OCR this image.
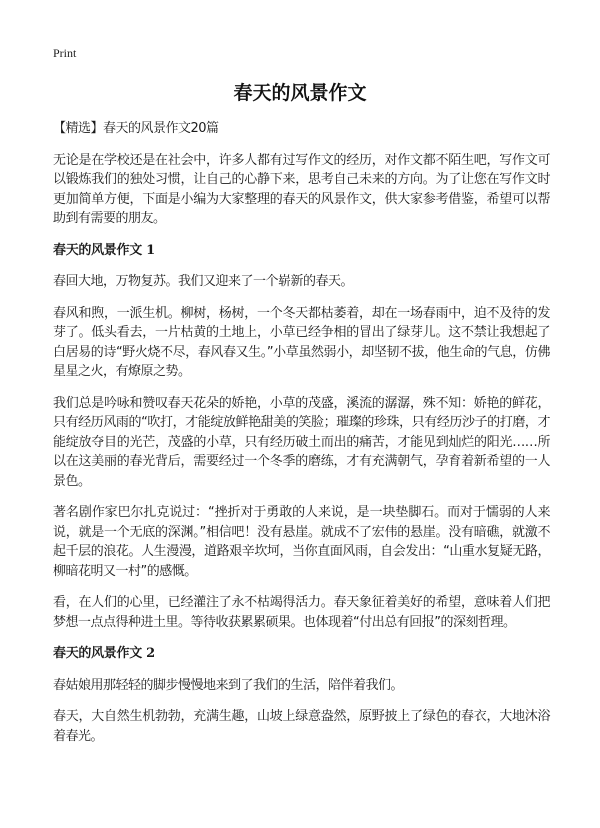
Print
春天的风景作文

【精选】春天的风景作文20篇

无论是在学校还是在社会中，许多人都有过写作文的经历，对作文都不陌生吧，写作文可以锻炼我们的独处习惯，让自己的心静下来，思考自己未来的方向。为了让您在写作文时更加简单方便，下面是小编为大家整理的春天的风景作文，供大家参考借鉴，希望可以帮助到有需要的朋友。

春天的风景作文 1

春回大地，万物复苏。我们又迎来了一个崭新的春天。

春风和煦，一派生机。柳树，杨树，一个冬天都枯萎着，却在一场春雨中，迫不及待的发芽了。低头看去，一片枯黄的土地上，小草已经争相的冒出了绿芽儿。这不禁让我想起了白居易的诗“野火烧不尽，春风春又生。”小草虽然弱小，却坚韧不拔，他生命的气息，仿佛星星之火，有燎原之势。

我们总是吟咏和赞叹春天花朵的娇艳，小草的茂盛，溪流的潺潺，殊不知：娇艳的鲜花，只有经历风雨的“吹打，才能绽放鲜艳甜美的笑脸；璀璨的珍珠，只有经历沙子的打磨，才能绽放夺目的光芒，茂盛的小草，只有经历破土而出的痛苦，才能见到灿烂的阳光……所以在这美丽的春光背后，需要经过一个冬季的磨练，才有充满朝气，孕育着新希望的一人景色。

著名剧作家巴尔扎克说过：“挫折对于勇敢的人来说，是一块垫脚石。而对于懦弱的人来说，就是一个无底的深渊。”相信吧！没有悬崖。就成不了宏伟的悬崖。没有暗礁，就激不起千层的浪花。人生漫漫，道路艰辛坎坷，当你直面风雨，自会发出：“山重水复疑无路，柳暗花明又一村”的感慨。

看，在人们的心里，已经灌注了永不枯竭得活力。春天象征着美好的希望，意味着人们把梦想一点点得种进土里。等待收获累累硕果。也体现着“付出总有回报”的深刻哲理。

春天的风景作文 2

春姑娘用那轻轻的脚步慢慢地来到了我们的生活，陪伴着我们。

春天，大自然生机勃勃，充满生趣，山坡上绿意盎然，原野披上了绿色的春衣，大地沐浴着春光。
